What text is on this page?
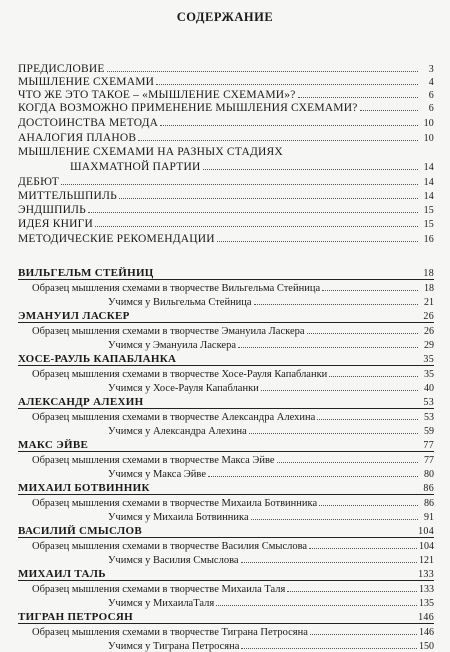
СОДЕРЖАНИЕ
ПРЕДИСЛОВИЕ	3
МЫШЛЕНИЕ СХЕМАМИ	4
ЧТО ЖЕ ЭТО ТАКОЕ – «МЫШЛЕНИЕ СХЕМАМИ»?	6
КОГДА ВОЗМОЖНО ПРИМЕНЕНИЕ МЫШЛЕНИЯ СХЕМАМИ?	6
ДОСТОИНСТВА МЕТОДА	10
АНАЛОГИЯ ПЛАНОВ	10
МЫШЛЕНИЕ СХЕМАМИ НА РАЗНЫХ СТАДИЯХ
ШАХМАТНОЙ ПАРТИИ	14
ДЕБЮТ	14
МИТТЕЛЬШПИЛЬ	14
ЭНДШПИЛЬ	15
ИДЕЯ КНИГИ	15
МЕТОДИЧЕСКИЕ РЕКОМЕНДАЦИИ	16
ВИЛЬГЕЛЬМ СТЕЙНИЦ	18
Образец мышления схемами в творчестве Вильгельма Стейница	18
Учимся у Вильгельма Стейница	21
ЭМАНУИЛ ЛАСКЕР	26
Образец мышления схемами в творчестве Эмануила Ласкера	26
Учимся у Эмануила Ласкера	29
ХОСЕ-РАУЛЬ КАПАБЛАНКА	35
Образец мышления схемами в творчестве Хосе-Рауля Капабланки	35
Учимся у Хосе-Рауля Капабланки	40
АЛЕКСАНДР АЛЕХИН	53
Образец мышления схемами в творчестве Александра Алехина	53
Учимся у Александра Алехина	59
МАКС ЭЙВЕ	77
Образец мышления схемами в творчестве Макса Эйве	77
Учимся у Макса Эйве	80
МИХАИЛ БОТВИННИК	86
Образец мышления схемами в творчестве Михаила Ботвинника	86
Учимся у Михаила Ботвинника	91
ВАСИЛИЙ СМЫСЛОВ	104
Образец мышления схемами в творчестве Василия Смыслова	104
Учимся у Василия Смыслова	121
МИХАИЛ ТАЛЬ	133
Образец мышления схемами в творчестве Михаила Таля	133
Учимся у МихаилаТаля	135
ТИГРАН ПЕТРОСЯН	146
Образец мышления схемами в творчестве Тиграна Петросяна	146
Учимся у Тиграна Петросяна	150
